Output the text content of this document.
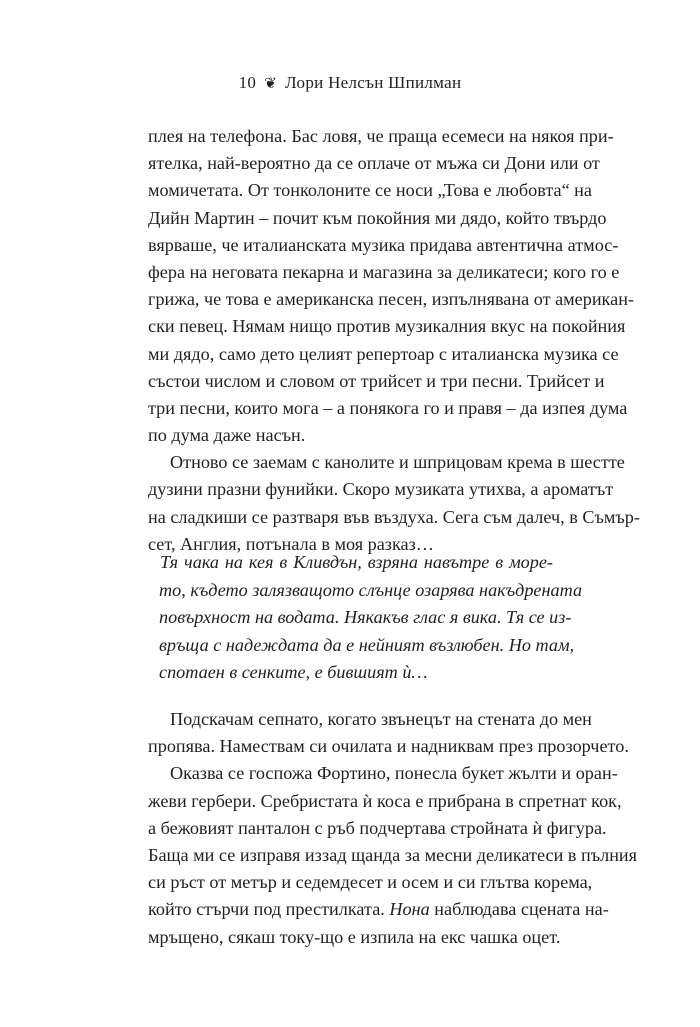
10 ❦ Лори Нелсън Шпилман
плея на телефона. Бас ловя, че праща есемеси на някоя при-
ятелка, най-вероятно да се оплаче от мъжа си Дони или от
момичетата. От тонколоните се носи „Това е любовта“ на
Дийн Мартин – почит към покойния ми дядо, който твърдо
вярваше, че италианската музика придава автентична атмос-
фера на неговата пекарна и магазина за деликатеси; кого го е
грижа, че това е американска песен, изпълнявана от американ-
ски певец. Нямам нищо против музикалния вкус на покойния
ми дядо, само дето целият репертоар с италианска музика се
състои числом и словом от трийсет и три песни. Трийсет и
три песни, които мога – а понякога го и правя – да изпея дума
по дума даже насън.
Отново се заемам с канолите и шприцовам крема в шестте
дузини празни фунийки. Скоро музиката утихва, а ароматът
на сладкиши се разтваря във въздуха. Сега съм далеч, в Съмър-
сет, Англия, потънала в моя разказ…
Тя чака на кея в Кливдън, взряна навътре в море-
то, където залязващото слънце озарява накъдрената
повърхност на водата. Някакъв глас я вика. Тя се из-
връща с надеждата да е нейният възлюбен. Но там,
спотаен в сенките, е бившият ѝ…
Подскачам сепнато, когато звънецът на стената до мен
пропява. Намествам си очилата и надниквам през прозорчето.
Оказва се госпожа Фортино, понесла букет жълти и оран-
жеви гербери. Сребристата ѝ коса е прибрана в спретнат кок,
а бежовият панталон с ръб подчертава стройната ѝ фигура.
Баща ми се изправя иззад щанда за месни деликатеси в пълния
си ръст от метър и седемдесет и осем и си глътва корема,
който стърчи под престилката. Нона наблюдава сцената на-
мръщено, сякаш току-що е изпила на екс чашка оцет.
